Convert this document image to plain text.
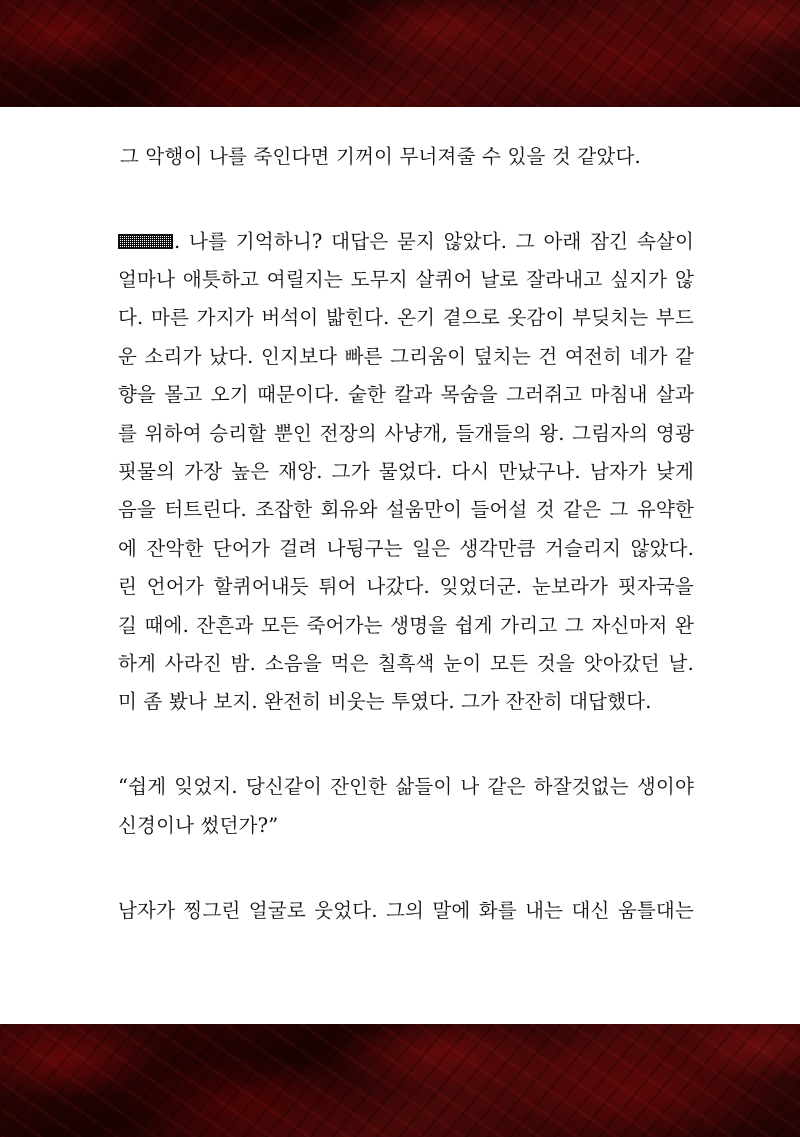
그 악행이 나를 죽인다면 기꺼이 무너져줄 수 있을 것 같았다.
. 나를 기억하니? 대답은 묻지 않았다. 그 아래 잠긴 속살이
얼마나 애틋하고 여릴지는 도무지 살퀴어 날로 잘라내고 싶지가 않
다. 마른 가지가 버석이 밟힌다. 온기 곁으로 옷감이 부딪치는 부드
운 소리가 났다. 인지보다 빠른 그리움이 덮치는 건 여전히 네가 같
향을 몰고 오기 때문이다. 숱한 칼과 목숨을 그러쥐고 마침내 살과
를 위하여 승리할 뿐인 전장의 사냥개, 들개들의 왕. 그림자의 영광
핏물의 가장 높은 재앙. 그가 물었다. 다시 만났구나. 남자가 낮게
음을 터트린다. 조잡한 회유와 설움만이 들어설 것 같은 그 유약한
에 잔악한 단어가 걸려 나뒹구는 일은 생각만큼 거슬리지 않았다.
린 언어가 할퀴어내듯 튀어 나갔다. 잊었더군. 눈보라가 핏자국을
길 때에. 잔흔과 모든 죽어가는 생명을 쉽게 가리고 그 자신마저 완
하게 사라진 밤. 소음을 먹은 칠흑색 눈이 모든 것을 앗아갔던 날.
미 좀 봤나 보지. 완전히 비웃는 투였다. 그가 잔잔히 대답했다.
“쉽게 잊었지. 당신같이 잔인한 삶들이 나 같은 하잘것없는 생이야
신경이나 썼던가?”
남자가 찡그린 얼굴로 웃었다. 그의 말에 화를 내는 대신 움틀대는
